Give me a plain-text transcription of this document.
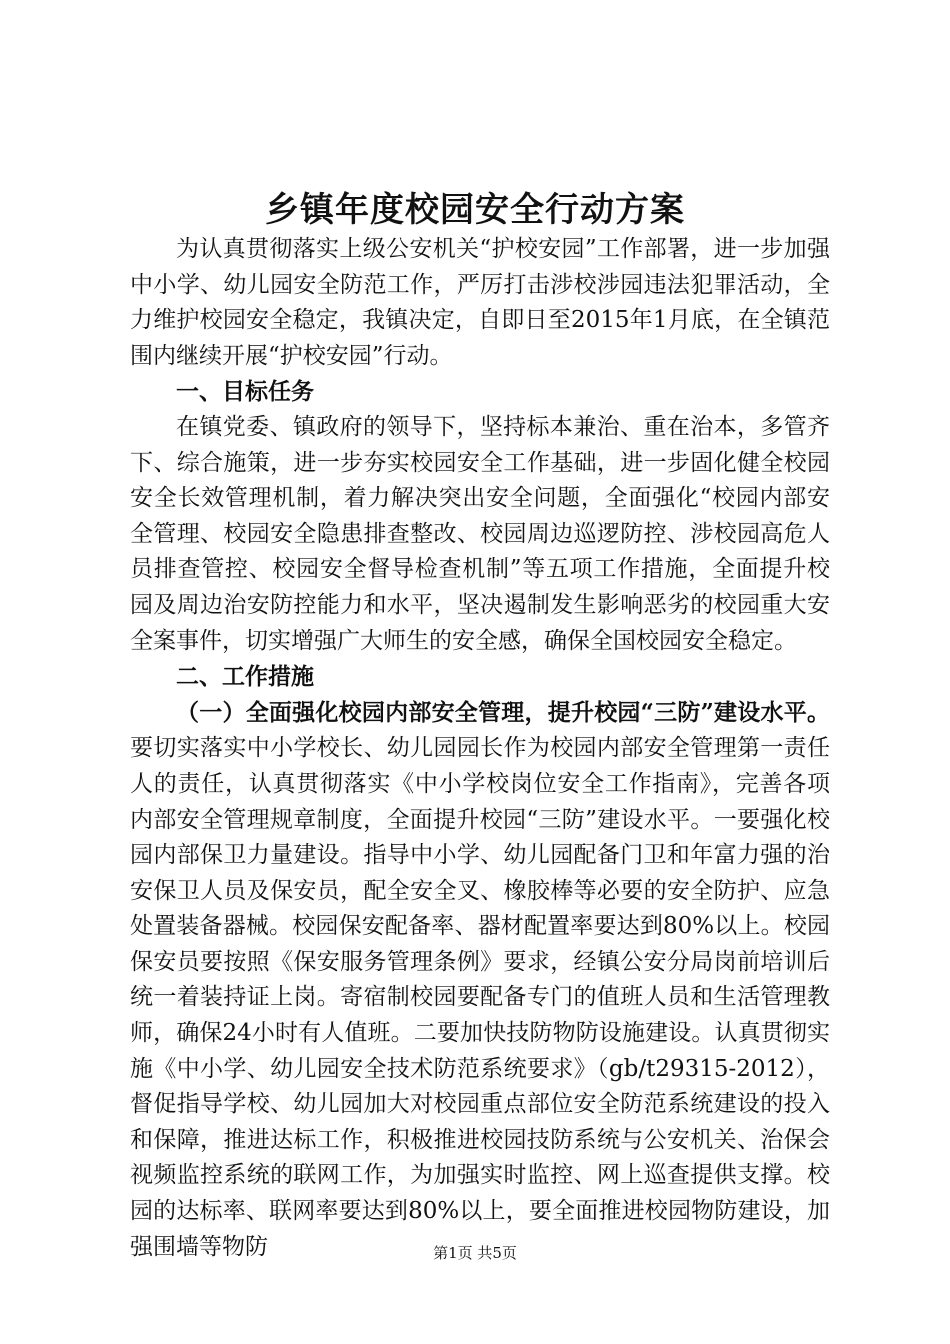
乡镇年度校园安全行动方案

为认真贯彻落实上级公安机关“护校安园”工作部署，进一步加强中小学、幼儿园安全防范工作，严厉打击涉校涉园违法犯罪活动，全力维护校园安全稳定，我镇决定，自即日至2015年1月底，在全镇范围内继续开展“护校安园”行动。

一、目标任务

在镇党委、镇政府的领导下，坚持标本兼治、重在治本，多管齐下、综合施策，进一步夯实校园安全工作基础，进一步固化健全校园安全长效管理机制，着力解决突出安全问题，全面强化“校园内部安全管理、校园安全隐患排查整改、校园周边巡逻防控、涉校园高危人员排查管控、校园安全督导检查机制”等五项工作措施，全面提升校园及周边治安防控能力和水平，坚决遏制发生影响恶劣的校园重大安全案事件，切实增强广大师生的安全感，确保全国校园安全稳定。

二、工作措施

（一）全面强化校园内部安全管理，提升校园“三防”建设水平。要切实落实中小学校长、幼儿园园长作为校园内部安全管理第一责任人的责任，认真贯彻落实《中小学校岗位安全工作指南》，完善各项内部安全管理规章制度，全面提升校园“三防”建设水平。一要强化校园内部保卫力量建设。指导中小学、幼儿园配备门卫和年富力强的治安保卫人员及保安员，配全安全叉、橡胶棒等必要的安全防护、应急处置装备器械。校园保安配备率、器材配置率要达到80%以上。校园保安员要按照《保安服务管理条例》要求，经镇公安分局岗前培训后统一着装持证上岗。寄宿制校园要配备专门的值班人员和生活管理教师，确保24小时有人值班。二要加快技防物防设施建设。认真贯彻实施《中小学、幼儿园安全技术防范系统要求》（gb/t29315-2012），督促指导学校、幼儿园加大对校园重点部位安全防范系统建设的投入和保障，推进达标工作，积极推进校园技防系统与公安机关、治保会视频监控系统的联网工作，为加强实时监控、网上巡查提供支撑。校园的达标率、联网率要达到80%以上，要全面推进校园物防建设，加强围墙等物防	第1页 共5页
